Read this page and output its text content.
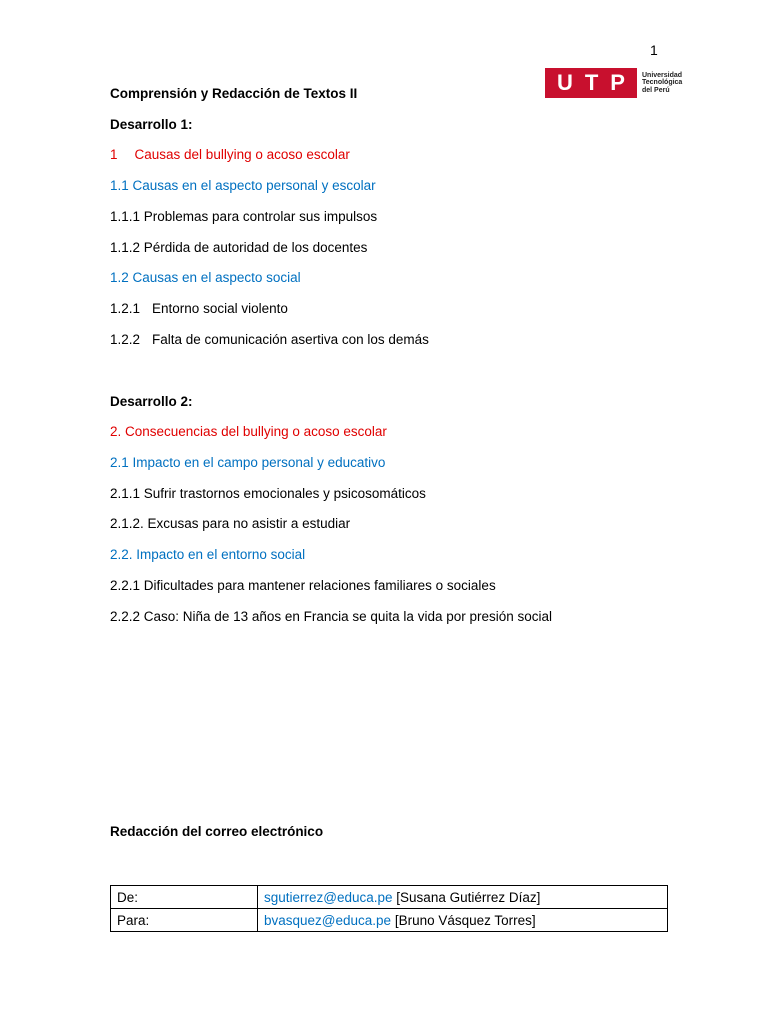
1
U T P Universidad
Tecnológica
del Perú
Comprensión y Redacción de Textos II
Desarrollo 1:
1 Causas del bullying o acoso escolar
1.1 Causas en el aspecto personal y escolar
1.1.1 Problemas para controlar sus impulsos
1.1.2 Pérdida de autoridad de los docentes
1.2 Causas en el aspecto social
1.2.1 Entorno social violento
1.2.2 Falta de comunicación asertiva con los demás
Desarrollo 2:
2. Consecuencias del bullying o acoso escolar
2.1 Impacto en el campo personal y educativo
2.1.1 Sufrir trastornos emocionales y psicosomáticos
2.1.2. Excusas para no asistir a estudiar
2.2. Impacto en el entorno social
2.2.1 Dificultades para mantener relaciones familiares o sociales
2.2.2 Caso: Niña de 13 años en Francia se quita la vida por presión social
Redacción del correo electrónico
De:	sgutierrez@educa.pe [Susana Gutiérrez Díaz]
Para:	bvasquez@educa.pe [Bruno Vásquez Torres]
